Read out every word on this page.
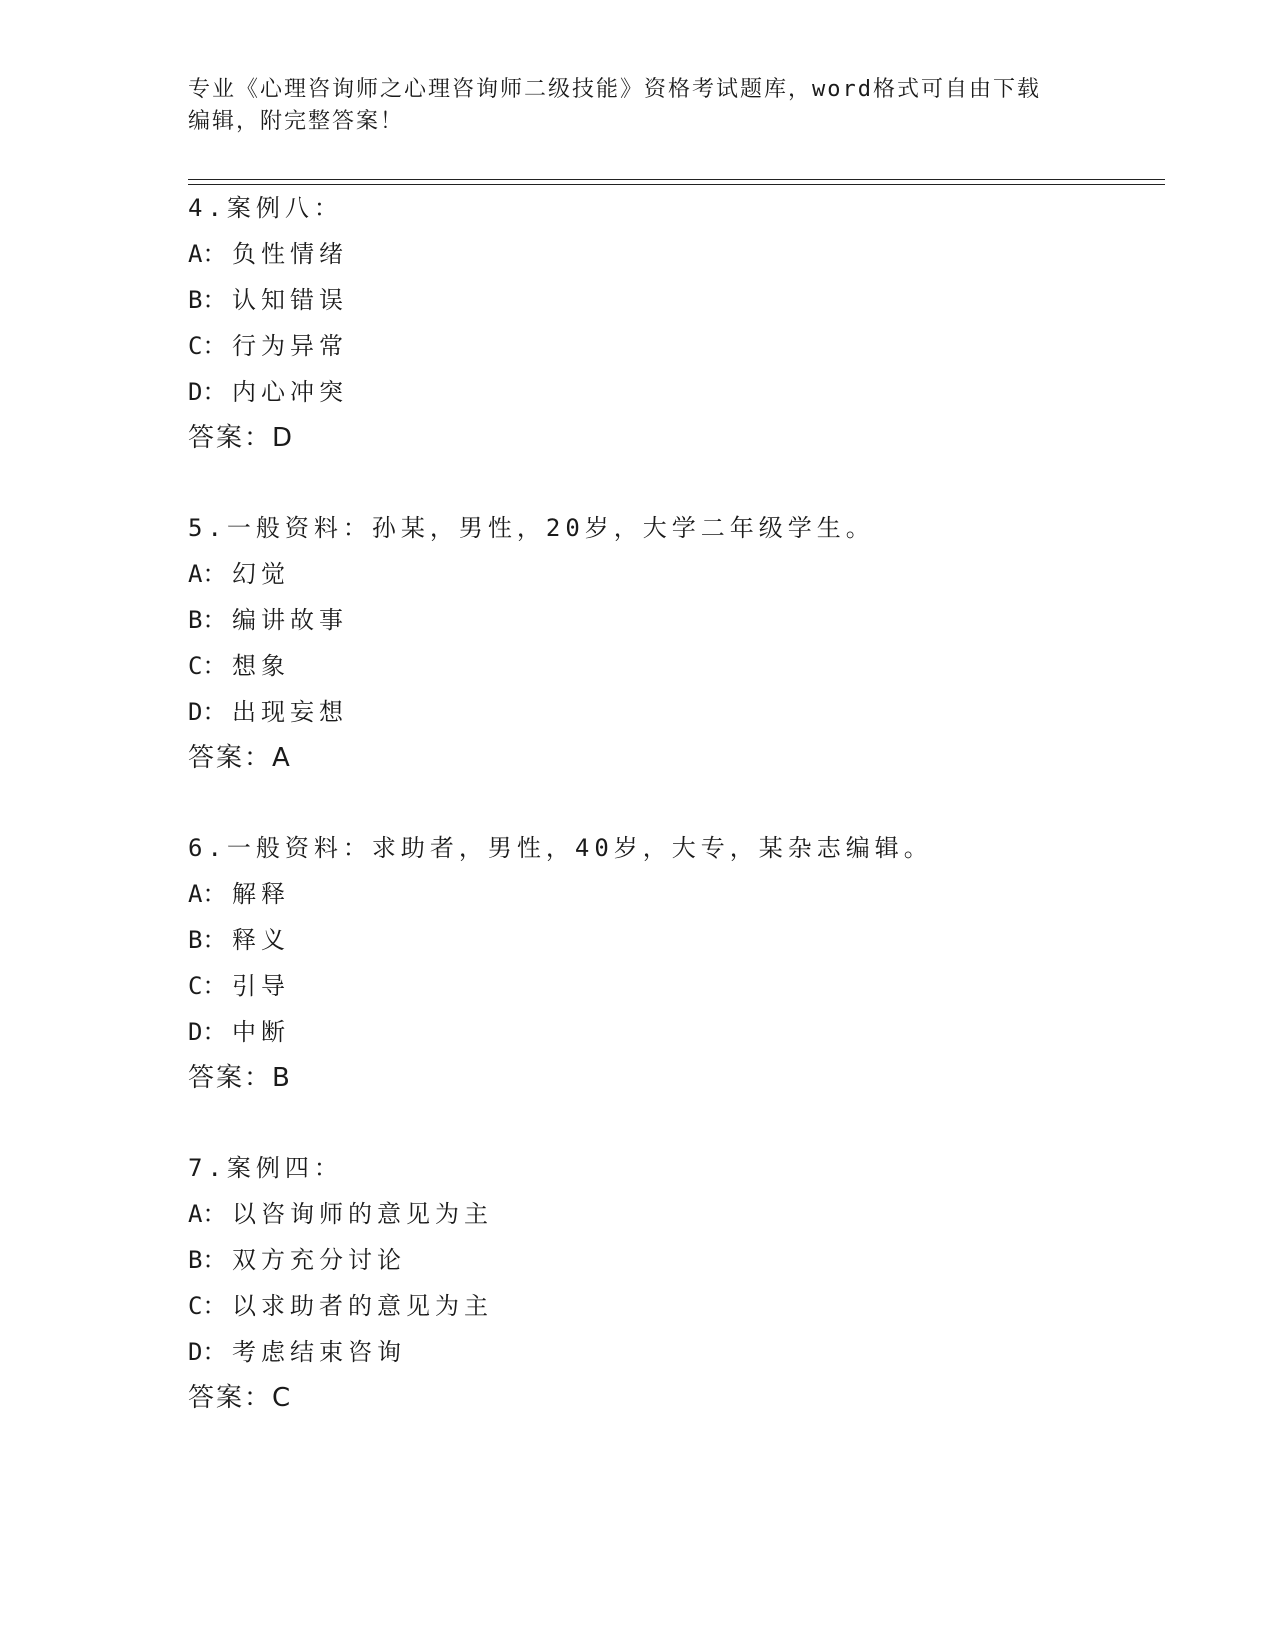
专业《心理咨询师之心理咨询师二级技能》资格考试题库，word格式可自由下载
编辑，附完整答案！
4.案例八：
A： 负性情绪
B： 认知错误
C： 行为异常
D： 内心冲突
答案：D
5.一般资料：孙某，男性，20岁，大学二年级学生。
A： 幻觉
B： 编讲故事
C： 想象
D： 出现妄想
答案：A
6.一般资料：求助者，男性，40岁，大专，某杂志编辑。
A： 解释
B： 释义
C： 引导
D： 中断
答案：B
7.案例四：
A： 以咨询师的意见为主
B： 双方充分讨论
C： 以求助者的意见为主
D： 考虑结束咨询
答案：C
